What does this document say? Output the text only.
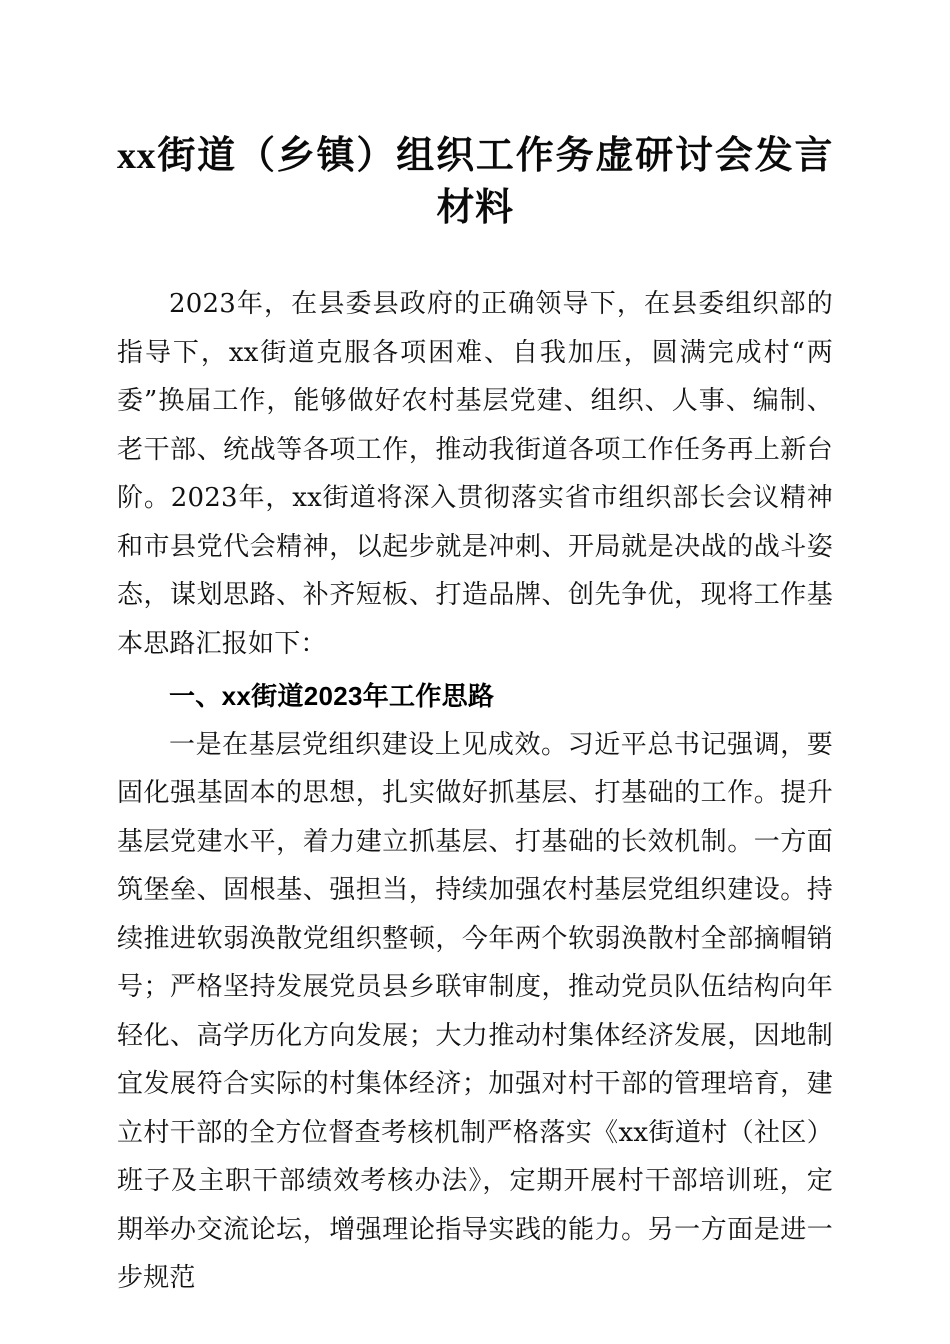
xx街道（乡镇）组织工作务虚研讨会发言材料

2023年，在县委县政府的正确领导下，在县委组织部的指导下，xx街道克服各项困难、自我加压，圆满完成村“两委”换届工作，能够做好农村基层党建、组织、人事、编制、老干部、统战等各项工作，推动我街道各项工作任务再上新台阶。2023年，xx街道将深入贯彻落实省市组织部长会议精神和市县党代会精神，以起步就是冲刺、开局就是决战的战斗姿态，谋划思路、补齐短板、打造品牌、创先争优，现将工作基本思路汇报如下：

一、xx街道2023年工作思路

一是在基层党组织建设上见成效。习近平总书记强调，要固化强基固本的思想，扎实做好抓基层、打基础的工作。提升基层党建水平，着力建立抓基层、打基础的长效机制。一方面筑堡垒、固根基、强担当，持续加强农村基层党组织建设。持续推进软弱涣散党组织整顿，今年两个软弱涣散村全部摘帽销号；严格坚持发展党员县乡联审制度，推动党员队伍结构向年轻化、高学历化方向发展；大力推动村集体经济发展，因地制宜发展符合实际的村集体经济；加强对村干部的管理培育，建立村干部的全方位督查考核机制严格落实《xx街道村（社区）班子及主职干部绩效考核办法》，定期开展村干部培训班，定期举办交流论坛，增强理论指导实践的能力。另一方面是进一步规范
